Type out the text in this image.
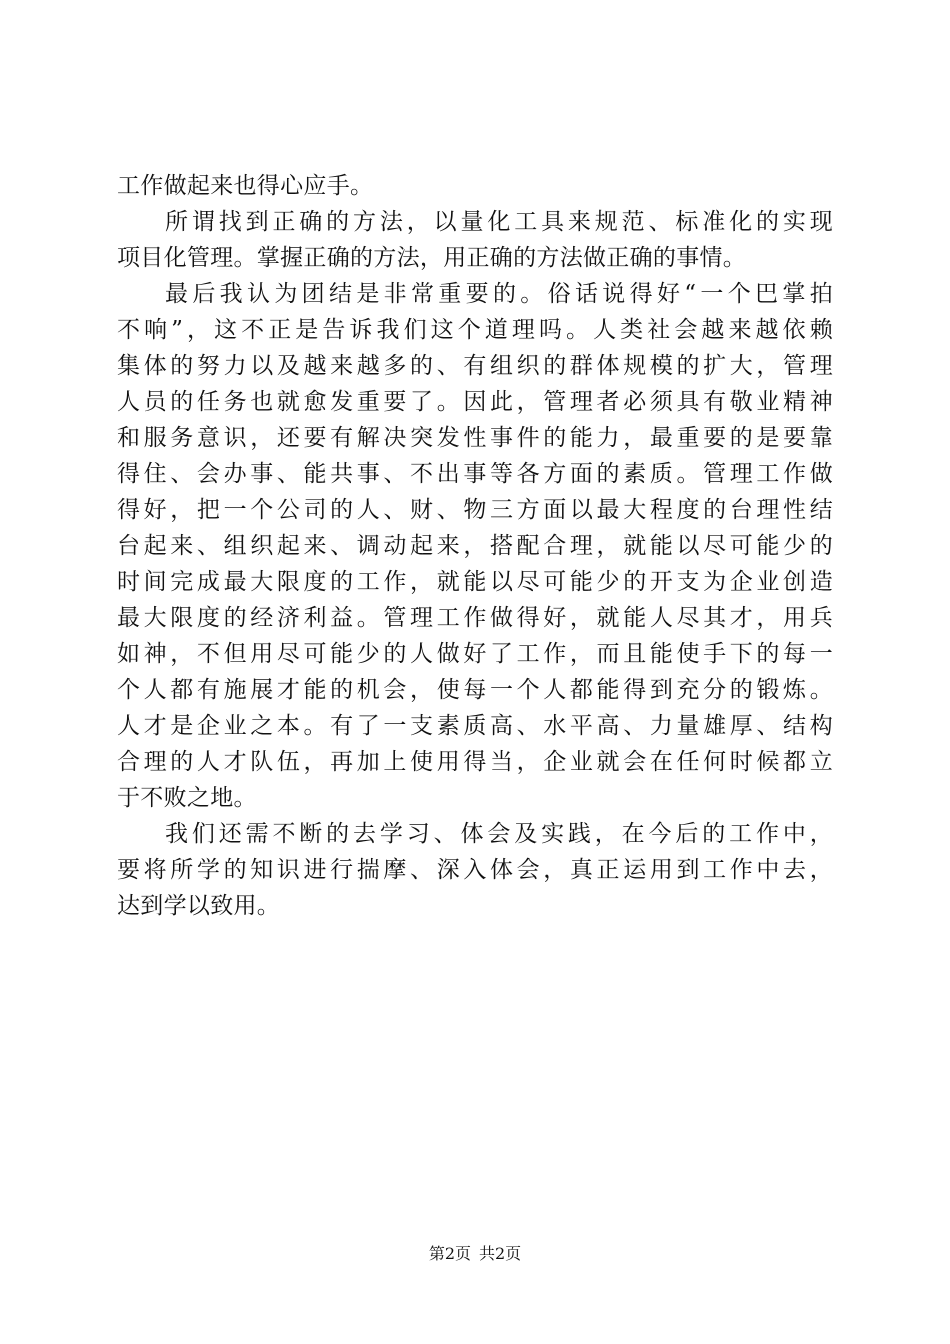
工作做起来也得心应手。

所谓找到正确的方法，以量化工具来规范、标准化的实现
项目化管理。掌握正确的方法，用正确的方法做正确的事情。

最后我认为团结是非常重要的。俗话说得好“一个巴掌拍
不响”，这不正是告诉我们这个道理吗。人类社会越来越依赖
集体的努力以及越来越多的、有组织的群体规模的扩大，管理
人员的任务也就愈发重要了。因此，管理者必须具有敬业精神
和服务意识，还要有解决突发性事件的能力，最重要的是要靠
得住、会办事、能共事、不出事等各方面的素质。管理工作做
得好，把一个公司的人、财、物三方面以最大程度的台理性结
台起来、组织起来、调动起来，搭配合理，就能以尽可能少的
时间完成最大限度的工作，就能以尽可能少的开支为企业创造
最大限度的经济利益。管理工作做得好，就能人尽其才，用兵
如神，不但用尽可能少的人做好了工作，而且能使手下的每一
个人都有施展才能的机会，使每一个人都能得到充分的锻炼。
人才是企业之本。有了一支素质高、水平高、力量雄厚、结构
合理的人才队伍，再加上使用得当，企业就会在任何时候都立
于不败之地。

我们还需不断的去学习、体会及实践，在今后的工作中，
要将所学的知识进行揣摩、深入体会，真正运用到工作中去，
达到学以致用。

第2页 共2页
